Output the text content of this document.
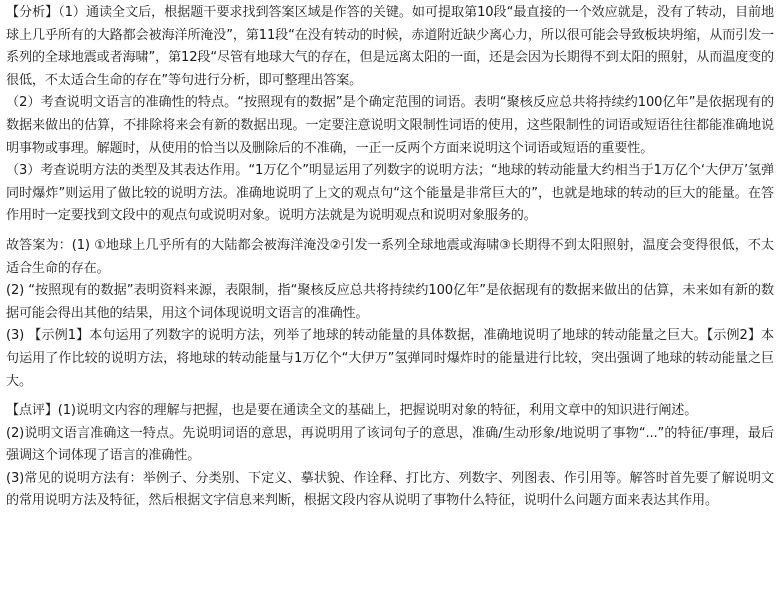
【分析】（1）通读全文后，根据题干要求找到答案区域是作答的关键。如可提取第10段“最直接的一个效应就是，没有了转动，目前地球上几乎所有的大路都会被海洋所淹没”，第11段“在没有转动的时候，赤道附近缺少离心力，所以很可能会导致板块坍缩，从而引发一系列的全球地震或者海啸”，第12段“尽管有地球大气的存在，但是远离太阳的一面，还是会因为长期得不到太阳的照射，从而温度变的很低，不太适合生命的存在”等句进行分析，即可整理出答案。

（2）考查说明文语言的准确性的特点。“按照现有的数据”是个确定范围的词语。表明“聚核反应总共将持续约100亿年”是依据现有的数据来做出的估算，不排除将来会有新的数据出现。一定要注意说明文限制性词语的使用，这些限制性的词语或短语往往都能准确地说明事物或事理。解题时，从使用的恰当以及删除后的不准确，一正一反两个方面来说明这个词语或短语的重要性。

（3）考查说明方法的类型及其表达作用。“1万亿个”明显运用了列数字的说明方法；“地球的转动能量大约相当于1万亿个‘大伊万’氢弹同时爆炸”则运用了做比较的说明方法。准确地说明了上文的观点句“这个能量是非常巨大的”，也就是地球的转动的巨大的能量。在答作用时一定要找到文段中的观点句或说明对象。说明方法就是为说明观点和说明对象服务的。

故答案为：(1) ①地球上几乎所有的大陆都会被海洋淹没②引发一系列全球地震或海啸③长期得不到太阳照射，温度会变得很低，不太适合生命的存在。

(2) “按照现有的数据”表明资料来源，表限制，指“聚核反应总共将持续约100亿年”是依据现有的数据来做出的估算，未来如有新的数据可能会得出其他的结果，用这个词体现说明文语言的准确性。

(3) 【示例1】本句运用了列数字的说明方法，列举了地球的转动能量的具体数据，准确地说明了地球的转动能量之巨大。【示例2】本句运用了作比较的说明方法，将地球的转动能量与1万亿个“大伊万”氢弹同时爆炸时的能量进行比较，突出强调了地球的转动能量之巨大。

【点评】(1)说明文内容的理解与把握，也是要在通读全文的基础上，把握说明对象的特征，利用文章中的知识进行阐述。

(2)说明文语言准确这一特点。先说明词语的意思，再说明用了该词句子的意思，准确/生动形象/地说明了事物“...”的特征/事理，最后强调这个词体现了语言的准确性。

(3)常见的说明方法有：举例子、分类别、下定义、摹状貌、作诠释、打比方、列数字、列图表、作引用等。解答时首先要了解说明文的常用说明方法及特征，然后根据文字信息来判断，根据文段内容从说明了事物什么特征，说明什么问题方面来表达其作用。
